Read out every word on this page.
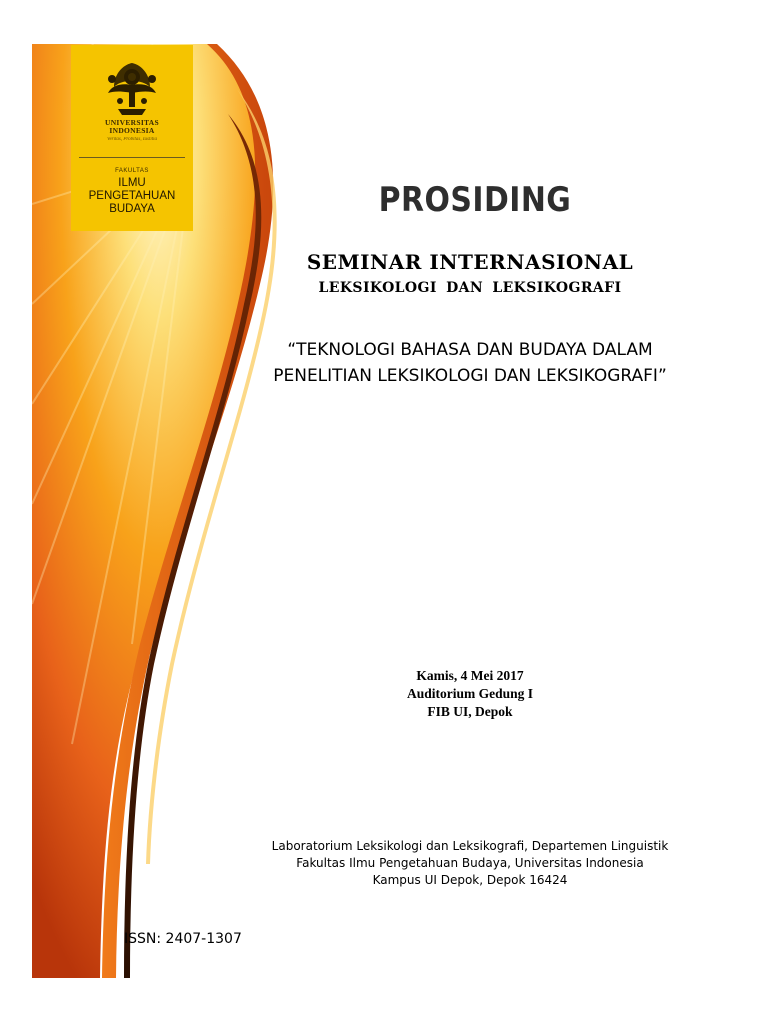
UNIVERSITAS
INDONESIA
Veritas, Probitas, Iustitia
FAKULTAS
ILMU
PENGETAHUAN
BUDAYA	PROSIDING
SEMINAR INTERNASIONAL
LEKSIKOLOGI DAN LEKSIKOGRAFI
“TEKNOLOGI BAHASA DAN BUDAYA DALAM
PENELITIAN LEKSIKOLOGI DAN LEKSIKOGRAFI”
Kamis, 4 Mei 2017
Auditorium Gedung I
FIB UI, Depok
Laboratorium Leksikologi dan Leksikografi, Departemen Linguistik
Fakultas Ilmu Pengetahuan Budaya, Universitas Indonesia
Kampus UI Depok, Depok 16424
ISSN: 2407-1307
